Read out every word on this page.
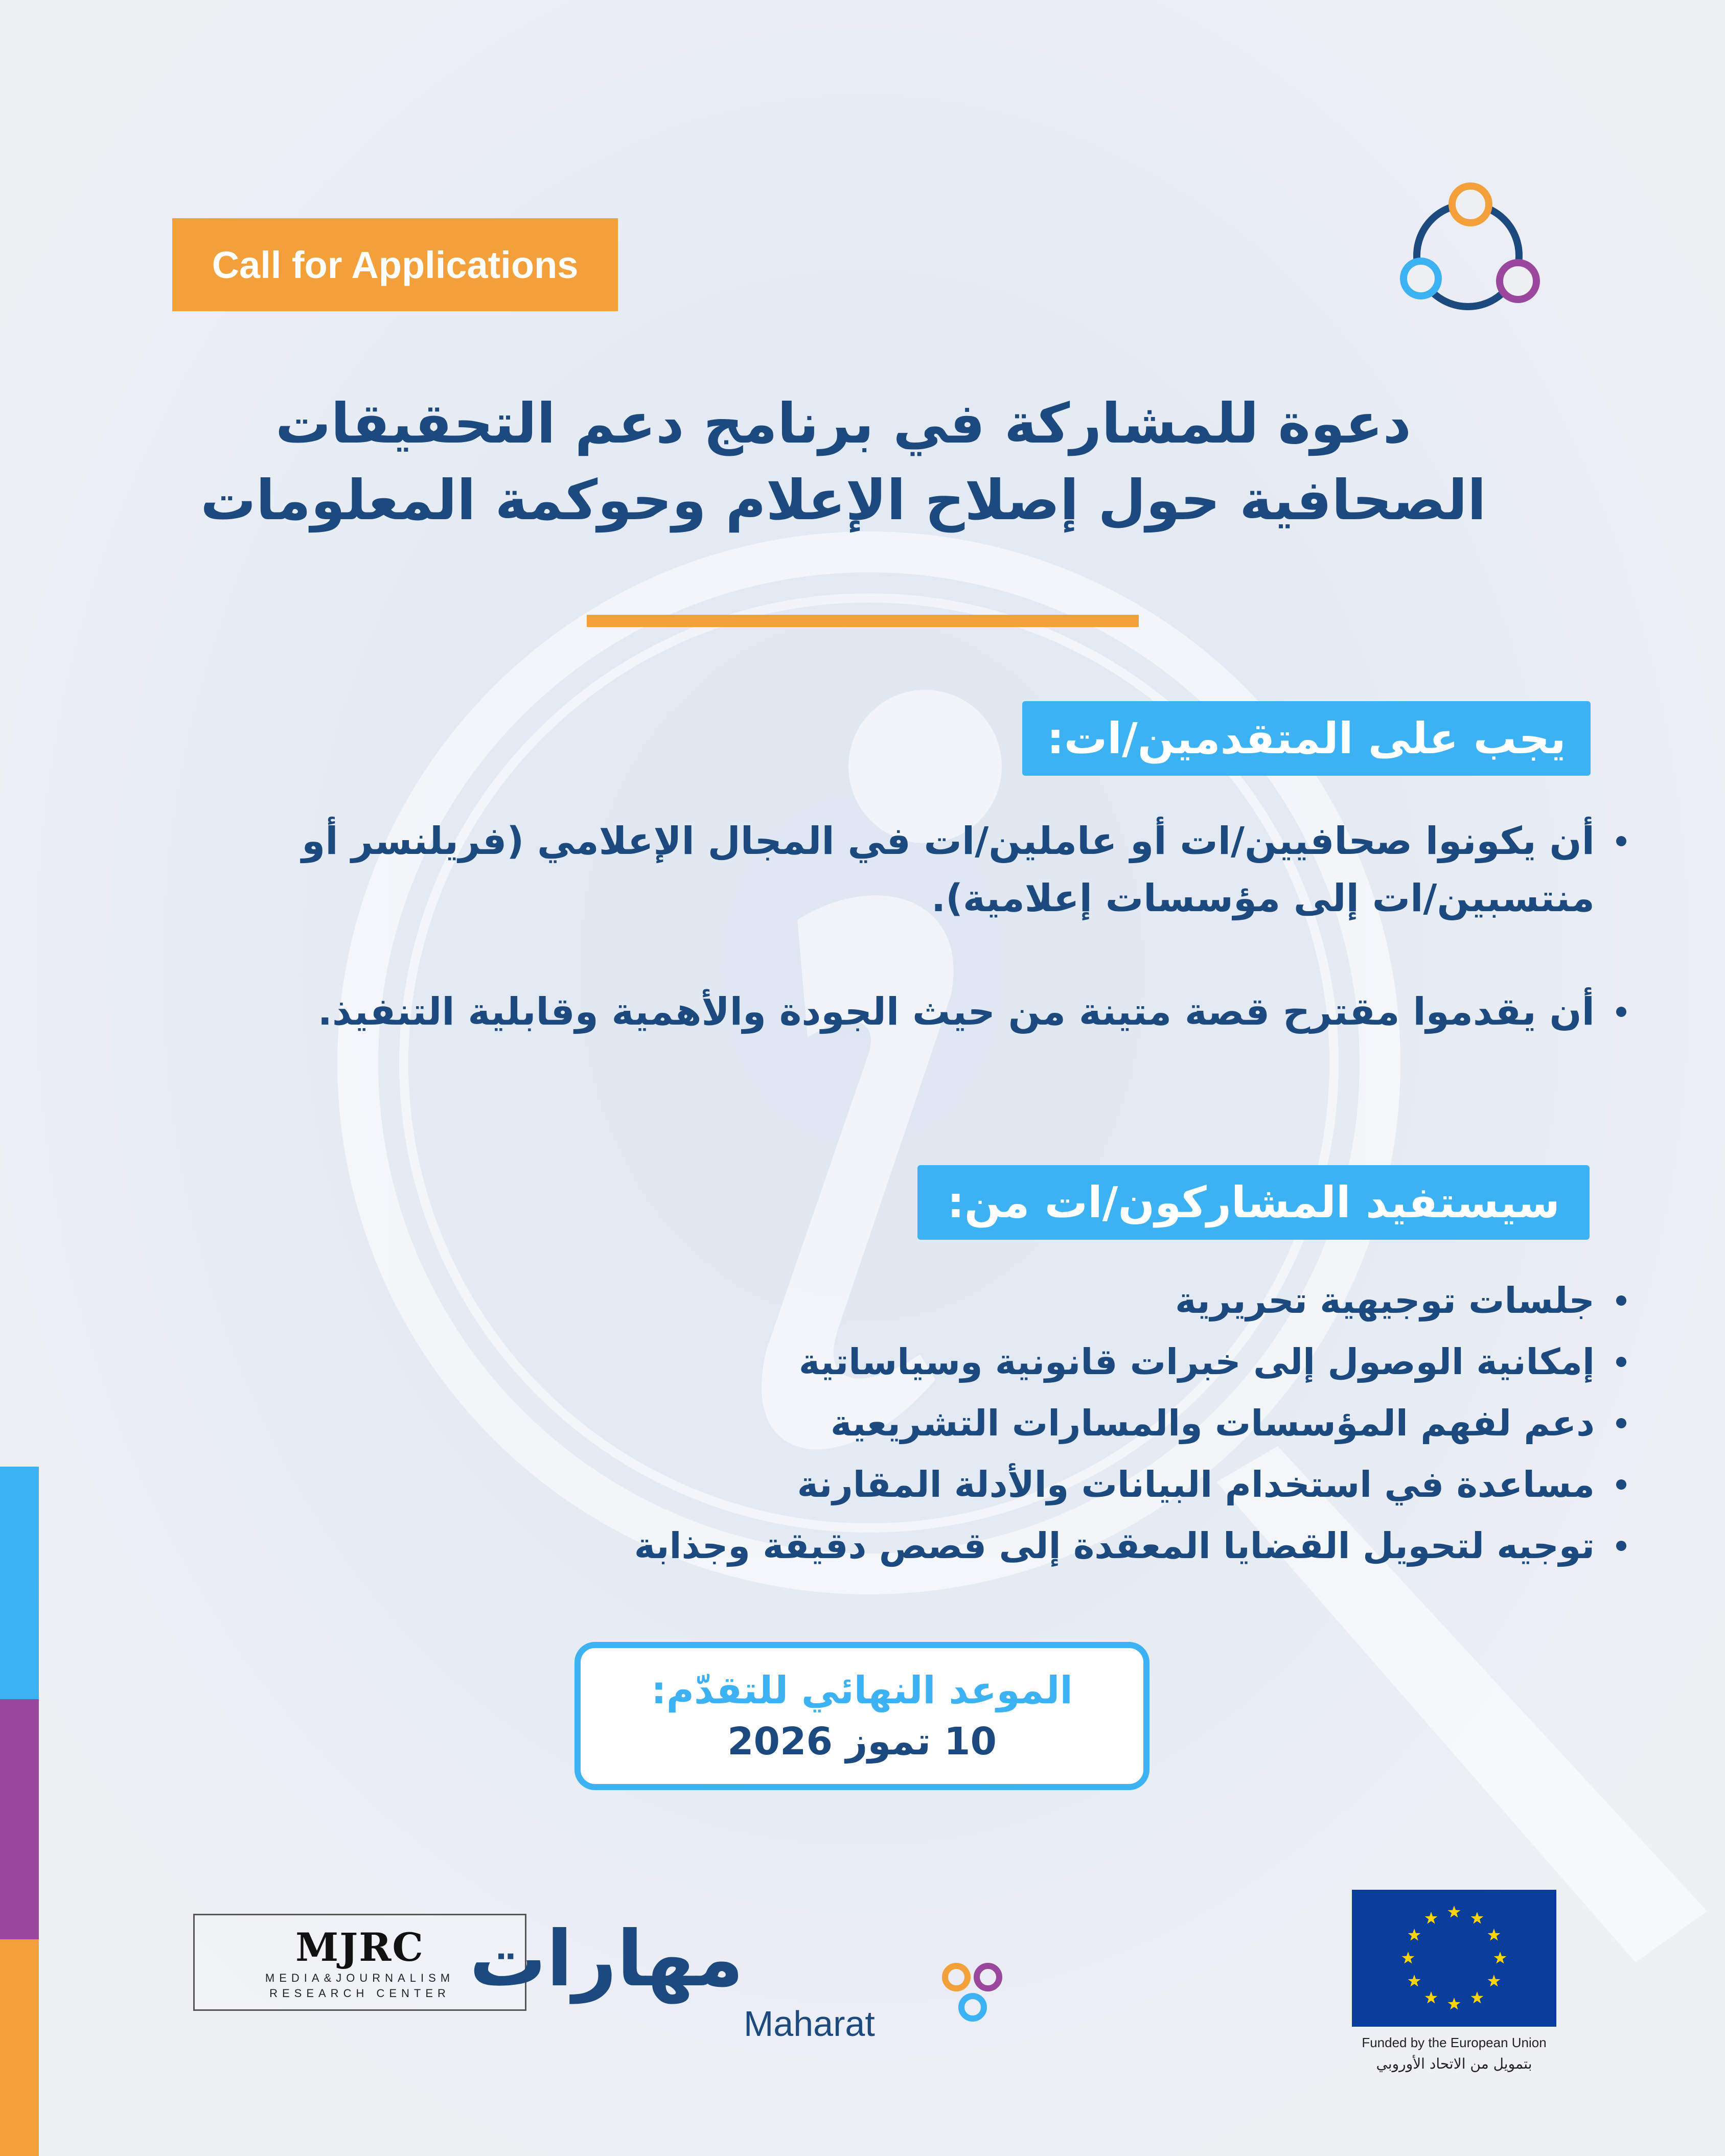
Call for Applications
دعوة للمشاركة في برنامج دعم التحقيقات
الصحافية حول إصلاح الإعلام وحوكمة المعلومات
يجب على المتقدمين/ات:
أن يكونوا صحافيين/ات أو عاملين/ات في المجال الإعلامي (فريلنسر أو منتسبين/ات إلى مؤسسات إعلامية).
أن يقدموا مقترح قصة متينة من حيث الجودة والأهمية وقابلية التنفيذ.
سيستفيد المشاركون/ات من:
جلسات توجيهية تحريرية
إمكانية الوصول إلى خبرات قانونية وسياساتية
دعم لفهم المؤسسات والمسارات التشريعية
مساعدة في استخدام البيانات والأدلة المقارنة
توجيه لتحويل القضايا المعقدة إلى قصص دقيقة وجذابة
الموعد النهائي للتقدّم:
10 تموز 2026
MJRC
MEDIA&JOURNALISM
RESEARCH CENTER مهارات
Maharat	Funded by the European Union
بتمويل من الاتحاد الأوروبي
